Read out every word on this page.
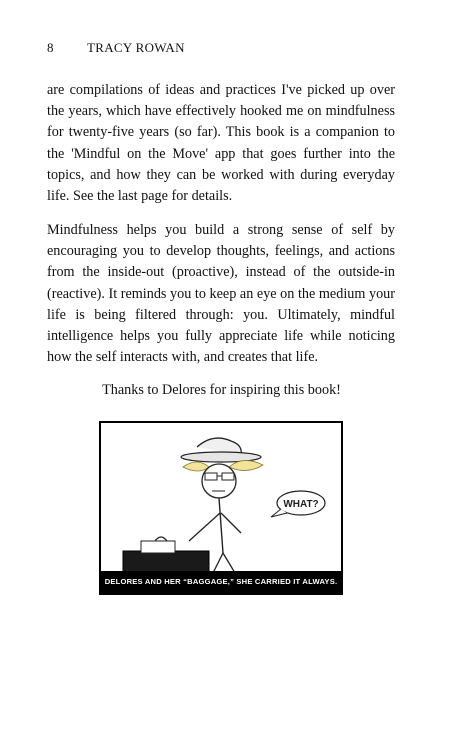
8	TRACY ROWAN

are compilations of ideas and practices I've picked up over the years, which have effectively hooked me on mindfulness for twenty-five years (so far). This book is a companion to the 'Mindful on the Move' app that goes further into the topics, and how they can be worked with during everyday life. See the last page for details.

Mindfulness helps you build a strong sense of self by encouraging you to develop thoughts, feelings, and actions from the inside-out (proactive), instead of the outside-in (reactive). It reminds you to keep an eye on the medium your life is being filtered through: you. Ultimately, mindful intelligence helps you fully appreciate life while noticing how the self interacts with, and creates that life.

Thanks to Delores for inspiring this book!
WHAT?
DELORES AND HER “BAGGAGE,” SHE CARRIED IT ALWAYS.
